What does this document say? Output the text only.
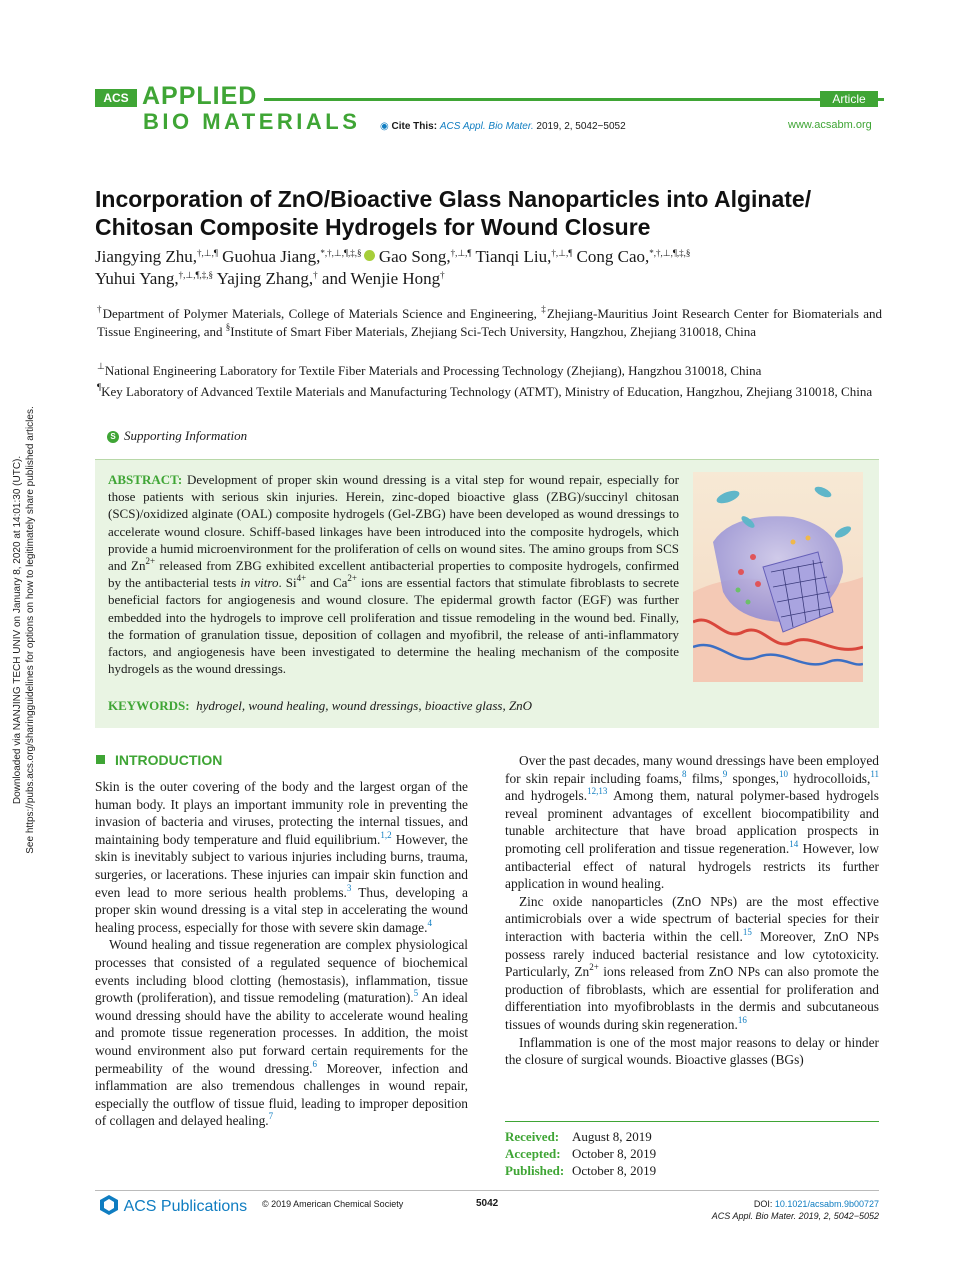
ACS APPLIED
BIO MATERIALS
Article
◉ Cite This: ACS Appl. Bio Mater. 2019, 2, 5042−5052	www.acsabm.org
Incorporation of ZnO/Bioactive Glass Nanoparticles into Alginate/ Chitosan Composite Hydrogels for Wound Closure
Jiangying Zhu,†,⊥,¶ Guohua Jiang,*,†,⊥,¶,‡,§ Gao Song,†,⊥,¶ Tianqi Liu,†,⊥,¶ Cong Cao,*,†,⊥,¶,‡,§
Yuhui Yang,†,⊥,¶,‡,§ Yajing Zhang,† and Wenjie Hong†
†Department of Polymer Materials, College of Materials Science and Engineering, ‡Zhejiang-Mauritius Joint Research Center for Biomaterials and Tissue Engineering, and §Institute of Smart Fiber Materials, Zhejiang Sci-Tech University, Hangzhou, Zhejiang 310018, China
⊥National Engineering Laboratory for Textile Fiber Materials and Processing Technology (Zhejiang), Hangzhou 310018, China
¶Key Laboratory of Advanced Textile Materials and Manufacturing Technology (ATMT), Ministry of Education, Hangzhou, Zhejiang 310018, China
S Supporting Information
ABSTRACT: Development of proper skin wound dressing is a vital step for wound repair, especially for those patients with serious skin injuries. Herein, zinc-doped bioactive glass (ZBG)/succinyl chitosan (SCS)/oxidized alginate (OAL) composite hydrogels (Gel-ZBG) have been developed as wound dressings to accelerate wound closure. Schiff-based linkages have been introduced into the composite hydrogels, which provide a humid microenvironment for the proliferation of cells on wound sites. The amino groups from SCS and $Zn^{2+}$ released from ZBG exhibited excellent antibacterial properties to composite hydrogels, confirmed by the antibacterial tests in vitro. $Si^{4+}$ and $Ca^{2+}$ ions are essential factors that stimulate fibroblasts to secrete beneficial factors for angiogenesis and wound closure. The epidermal growth factor (EGF) was further embedded into the hydrogels to improve cell proliferation and tissue remodeling in the wound bed. Finally, the formation of granulation tissue, deposition of collagen and myofibril, the release of anti-inflammatory factors, and angiogenesis have been investigated to determine the healing mechanism of the composite hydrogels as the wound dressings.
KEYWORDS: hydrogel, wound healing, wound dressings, bioactive glass, ZnO
INTRODUCTION

Skin is the outer covering of the body and the largest organ of the human body. It plays an important immunity role in preventing the invasion of bacteria and viruses, protecting the internal tissues, and maintaining body temperature and fluid equilibrium.$^{1,2}$ However, the skin is inevitably subject to various injuries including burns, trauma, surgeries, or lacerations. These injuries can impair skin function and even lead to more serious health problems.$^3$ Thus, developing a proper skin wound dressing is a vital step in accelerating the wound healing process, especially for those with severe skin damage.$^4$

Wound healing and tissue regeneration are complex physiological processes that consisted of a regulated sequence of biochemical events including blood clotting (hemostasis), inflammation, tissue growth (proliferation), and tissue remodeling (maturation).$^5$ An ideal wound dressing should have the ability to accelerate wound healing and promote tissue regeneration processes. In addition, the moist wound environment also put forward certain requirements for the permeability of the wound dressing.$^6$ Moreover, infection and inflammation are also tremendous challenges in wound repair, especially the outflow of tissue fluid, leading to improper deposition of collagen and delayed healing.$^7$

Over the past decades, many wound dressings have been employed for skin repair including foams,$^8$ films,$^9$ sponges,$^{10}$ hydrocolloids,$^{11}$ and hydrogels.$^{12,13}$ Among them, natural polymer-based hydrogels reveal prominent advantages of excellent biocompatibility and tunable architecture that have broad application prospects in promoting cell proliferation and tissue regeneration.$^{14}$ However, low antibacterial effect of natural hydrogels restricts its further application in wound healing.

Zinc oxide nanoparticles (ZnO NPs) are the most effective antimicrobials over a wide spectrum of bacterial species for their interaction with bacteria within the cell.$^{15}$ Moreover, ZnO NPs possess rarely induced bacterial resistance and low cytotoxicity. Particularly, $Zn^{2+}$ ions released from ZnO NPs can also promote the production of fibroblasts, which are essential for proliferation and differentiation into myofibroblasts in the dermis and subcutaneous tissues of wounds during skin regeneration.$^{16}$

Inflammation is one of the most major reasons to delay or hinder the closure of surgical wounds. Bioactive glasses (BGs)

Received: August 8, 2019
Accepted: October 8, 2019
Published: October 8, 2019
ACS Publications © 2019 American Chemical Society	5042	DOI: 10.1021/acsabm.9b00727
ACS Appl. Bio Mater. 2019, 2, 5042−5052
Downloaded via NANJING TECH UNIV on January 8, 2020 at 14:01:30 (UTC). See https://pubs.acs.org/sharingguidelines for options on how to legitimately share published articles.
